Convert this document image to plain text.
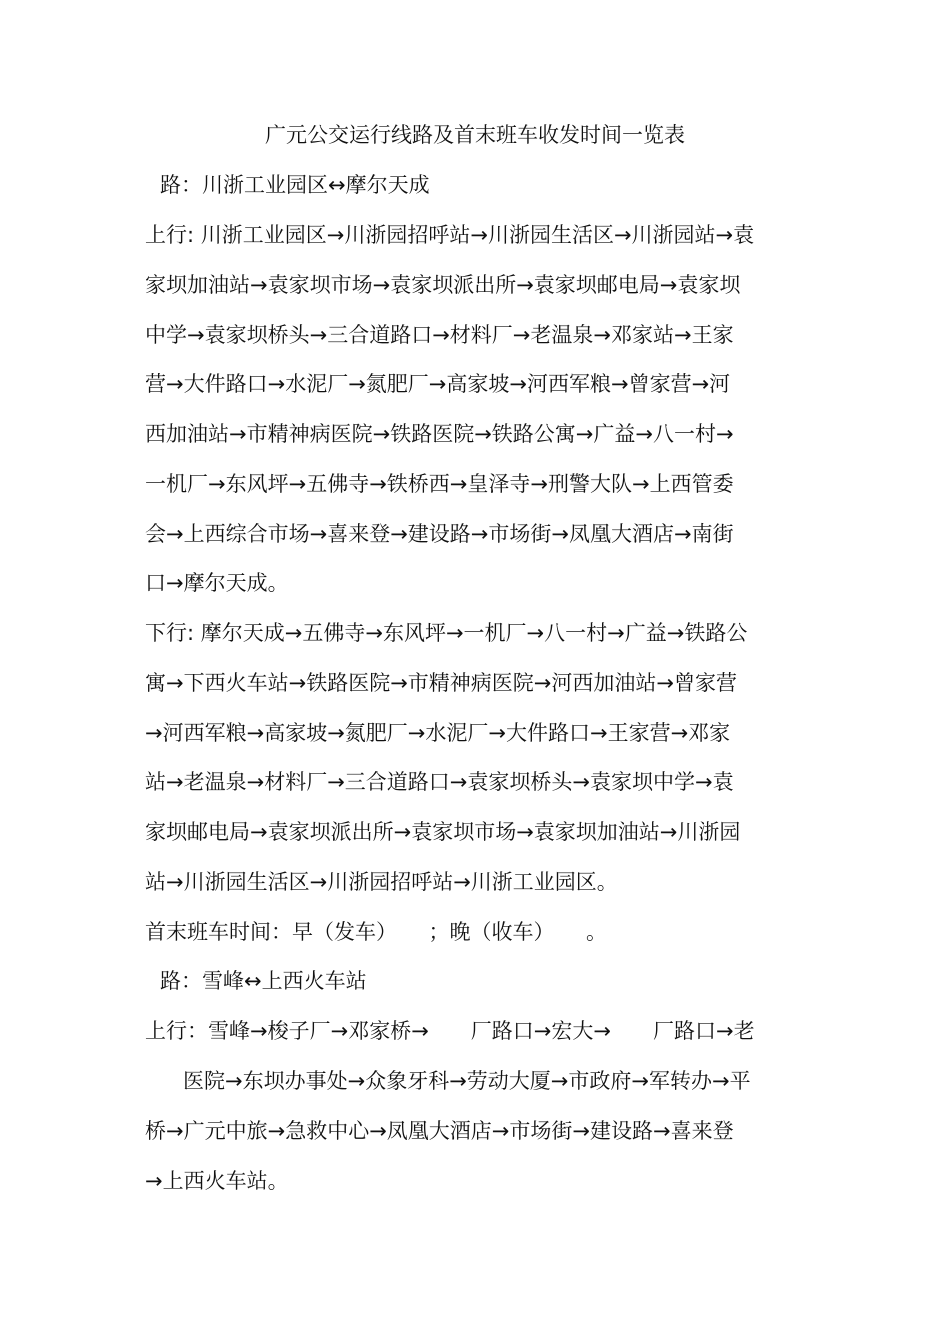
广元公交运行线路及首末班车收发时间一览表
路：川浙工业园区↔摩尔天成
上行: 川浙工业园区→川浙园招呼站→川浙园生活区→川浙园站→袁
家坝加油站→袁家坝市场→袁家坝派出所→袁家坝邮电局→袁家坝
中学→袁家坝桥头→三合道路口→材料厂→老温泉→邓家站→王家
营→大件路口→水泥厂→氮肥厂→高家坡→河西军粮→曾家营→河
西加油站→市精神病医院→铁路医院→铁路公寓→广益→八一村→
一机厂→东风坪→五佛寺→铁桥西→皇泽寺→刑警大队→上西管委
会→上西综合市场→喜来登→建设路→市场街→凤凰大酒店→南街
口→摩尔天成。
下行: 摩尔天成→五佛寺→东风坪→一机厂→八一村→广益→铁路公
寓→下西火车站→铁路医院→市精神病医院→河西加油站→曾家营
→河西军粮→高家坡→氮肥厂→水泥厂→大件路口→王家营→邓家
站→老温泉→材料厂→三合道路口→袁家坝桥头→袁家坝中学→袁
家坝邮电局→袁家坝派出所→袁家坝市场→袁家坝加油站→川浙园
站→川浙园生活区→川浙园招呼站→川浙工业园区。
首末班车时间：早（发车）　　；晚（收车）　　。
路：雪峰↔上西火车站
上行：雪峰→梭子厂→邓家桥→　　厂路口→宏大→　　厂路口→老
医院→东坝办事处→众象牙科→劳动大厦→市政府→军转办→平
桥→广元中旅→急救中心→凤凰大酒店→市场街→建设路→喜来登
→上西火车站。
